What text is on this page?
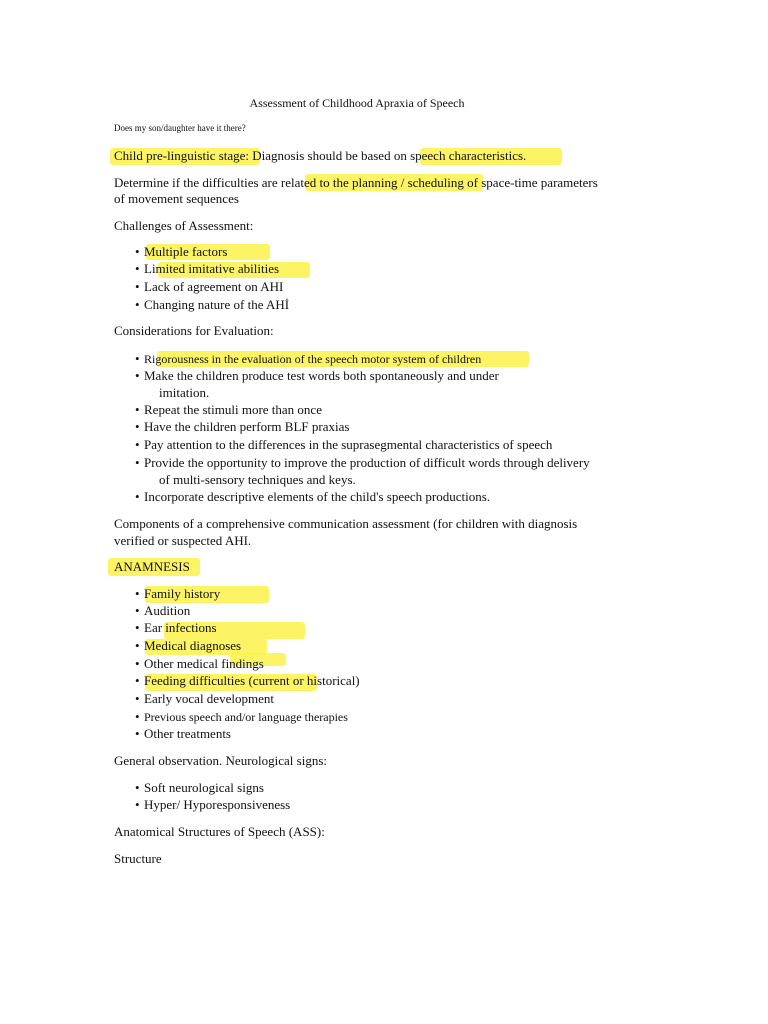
Assessment of Childhood Apraxia of Speech
Does my son/daughter have it there?
Child pre-linguistic stage: Diagnosis should be based on speech characteristics.
Determine if the difficulties are related to the planning / scheduling of space-time parameters
of movement sequences
Challenges of Assessment:
• Multiple factors
• Limited imitative abilities
• Lack of agreement on AHI
• Changing nature of the AHİ
Considerations for Evaluation:
• Rigorousness in the evaluation of the speech motor system of children
• Make the children produce test words both spontaneously and under
imitation.
• Repeat the stimuli more than once
• Have the children perform BLF praxias
• Pay attention to the differences in the suprasegmental characteristics of speech
• Provide the opportunity to improve the production of difficult words through delivery
of multi-sensory techniques and keys.
• Incorporate descriptive elements of the child's speech productions.
Components of a comprehensive communication assessment (for children with diagnosis
verified or suspected AHI.
ANAMNESIS
• Family history
• Audition
• Ear infections
• Medical diagnoses
• Other medical findings
• Feeding difficulties (current or historical)
• Early vocal development
• Previous speech and/or language therapies
• Other treatments
General observation. Neurological signs:
• Soft neurological signs
• Hyper/ Hyporesponsiveness
Anatomical Structures of Speech (ASS):
Structure
